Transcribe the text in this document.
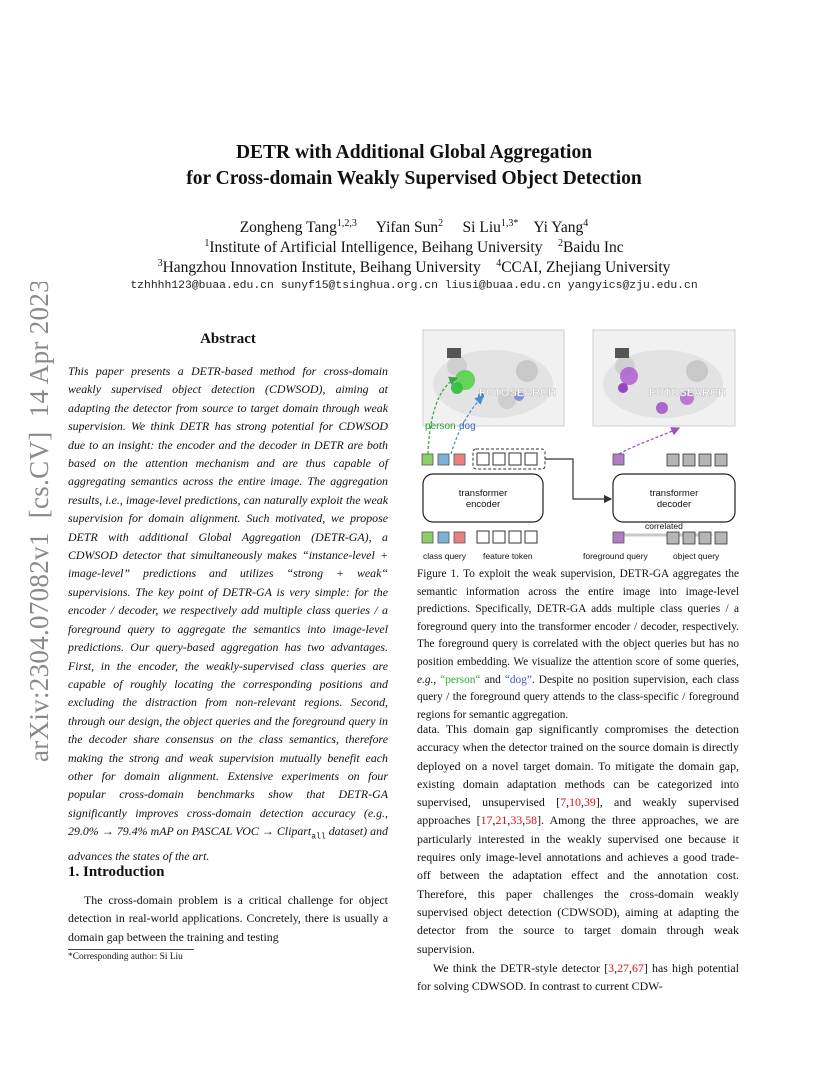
arXiv:2304.07082v1  [cs.CV]  14 Apr 2023
DETR with Additional Global Aggregation
for Cross-domain Weakly Supervised Object Detection
Zongheng Tang$^{1,2,3}$ Yifan Sun$^2$ Si Liu$^{1,3*}$ Yi Yang$^4$
$^1$Institute of Artificial Intelligence, Beihang University $^2$Baidu Inc
$^3$Hangzhou Innovation Institute, Beihang University $^4$CCAI, Zhejiang University
tzhhhh123@buaa.edu.cn sunyf15@tsinghua.org.cn liusi@buaa.edu.cn yangyics@zju.edu.cn
Abstract
This paper presents a DETR-based method for cross-domain weakly supervised object detection (CDWSOD), aiming at adapting the detector from source to target domain through weak supervision. We think DETR has strong potential for CDWSOD due to an insight: the encoder and the decoder in DETR are both based on the attention mechanism and are thus capable of aggregating semantics across the entire image. The aggregation results, i.e., image-level predictions, can naturally exploit the weak supervision for domain alignment. Such motivated, we propose DETR with additional Global Aggregation (DETR-GA), a CDWSOD detector that simultaneously makes “instance-level + image-level” predictions and utilizes “strong + weak“ supervisions. The key point of DETR-GA is very simple: for the encoder / decoder, we respectively add multiple class queries / a foreground query to aggregate the semantics into image-level predictions. Our query-based aggregation has two advantages. First, in the encoder, the weakly-supervised class queries are capable of roughly locating the corresponding positions and excluding the distraction from non-relevant regions. Second, through our design, the object queries and the foreground query in the decoder share consensus on the class semantics, therefore making the strong and weak supervision mutually benefit each other for domain alignment. Extensive experiments on four popular cross-domain benchmarks show that DETR-GA significantly improves cross-domain detection accuracy (e.g., 29.0% → 79.4% mAP on PASCAL VOC → Clipart$_{all}$ dataset) and advances the states of the art.
1. Introduction
The cross-domain problem is a critical challenge for object detection in real-world applications. Concretely, there is usually a domain gap between the training and testing
*Corresponding author: Si Liu
FOTOSEARCH
person dog
FOTOSEARCH
transformer
encoder
transformer
decoder
correlated
class query feature token	foreground query	object query
Figure 1. To exploit the weak supervision, DETR-GA aggregates the semantic information across the entire image into image-level predictions. Specifically, DETR-GA adds multiple class queries / a foreground query into the transformer encoder / decoder, respectively. The foreground query is correlated with the object queries but has no position embedding. We visualize the attention score of some queries, e.g., “person“ and “dog”. Despite no position supervision, each class query / the foreground query attends to the class-specific / foreground regions for semantic aggregation.

data. This domain gap significantly compromises the detection accuracy when the detector trained on the source domain is directly deployed on a novel target domain. To mitigate the domain gap, existing domain adaptation methods can be categorized into supervised, unsupervised [7,10,39], and weakly supervised approaches [17,21,33,58]. Among the three approaches, we are particularly interested in the weakly supervised one because it requires only image-level annotations and achieves a good trade-off between the adaptation effect and the annotation cost. Therefore, this paper challenges the cross-domain weakly supervised object detection (CDWSOD), aiming at adapting the detector from the source to target domain through weak supervision.

We think the DETR-style detector [3,27,67] has high potential for solving CDWSOD. In contrast to current CDW-
